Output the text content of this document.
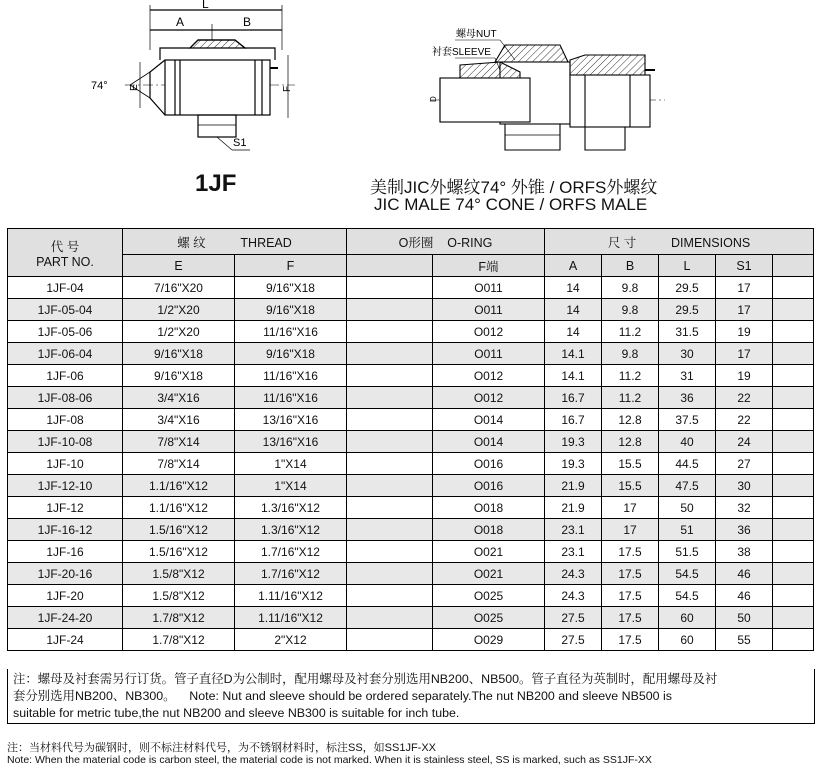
L
A	B
74° E	F
S1
螺母NUT
衬套SLEEVE
D
1JF	美制JIC外螺纹74° 外锥 / ORFS外螺纹
JIC MALE 74° CONE / ORFS MALE
代 号
PART NO.	螺 纹 THREAD		O形圈 O-RING		尺 寸 DIMENSIONS				
	E	F		F端	A	B	L	S1	
1JF-04	7/16"X20	9/16"X18		O011	14	9.8	29.5	17	
1JF-05-04	1/2"X20	9/16"X18		O011	14	9.8	29.5	17	
1JF-05-06	1/2"X20	11/16"X16		O012	14	11.2	31.5	19	
1JF-06-04	9/16"X18	9/16"X18		O011	14.1	9.8	30	17	
1JF-06	9/16"X18	11/16"X16		O012	14.1	11.2	31	19	
1JF-08-06	3/4"X16	11/16"X16		O012	16.7	11.2	36	22	
1JF-08	3/4"X16	13/16"X16		O014	16.7	12.8	37.5	22	
1JF-10-08	7/8"X14	13/16"X16		O014	19.3	12.8	40	24	
1JF-10	7/8"X14	1"X14		O016	19.3	15.5	44.5	27	
1JF-12-10	1.1/16"X12	1"X14		O016	21.9	15.5	47.5	30	
1JF-12	1.1/16"X12	1.3/16"X12		O018	21.9	17	50	32	
1JF-16-12	1.5/16"X12	1.3/16"X12		O018	23.1	17	51	36	
1JF-16	1.5/16"X12	1.7/16"X12		O021	23.1	17.5	51.5	38	
1JF-20-16	1.5/8"X12	1.7/16"X12		O021	24.3	17.5	54.5	46	
1JF-20	1.5/8"X12	1.11/16"X12		O025	24.3	17.5	54.5	46	
1JF-24-20	1.7/8"X12	1.11/16"X12		O025	27.5	17.5	60	50	
1JF-24	1.7/8"X12	2"X12		O029	27.5	17.5	60	55	
注：螺母及衬套需另行订货。管子直径D为公制时，配用螺母及衬套分别选用NB200、NB500。管子直径为英制时，配用螺母及衬
套分别选用NB200、NB300。 Note: Nut and sleeve should be ordered separately.The nut NB200 and sleeve NB500 is
suitable for metric tube,the nut NB200 and sleeve NB300 is suitable for inch tube.
注：当材料代号为碳钢时，则不标注材料代号，为不锈钢材料时，标注SS，如SS1JF-XX
Note: When the material code is carbon steel, the material code is not marked. When it is stainless steel, SS is marked, such as SS1JF-XX
